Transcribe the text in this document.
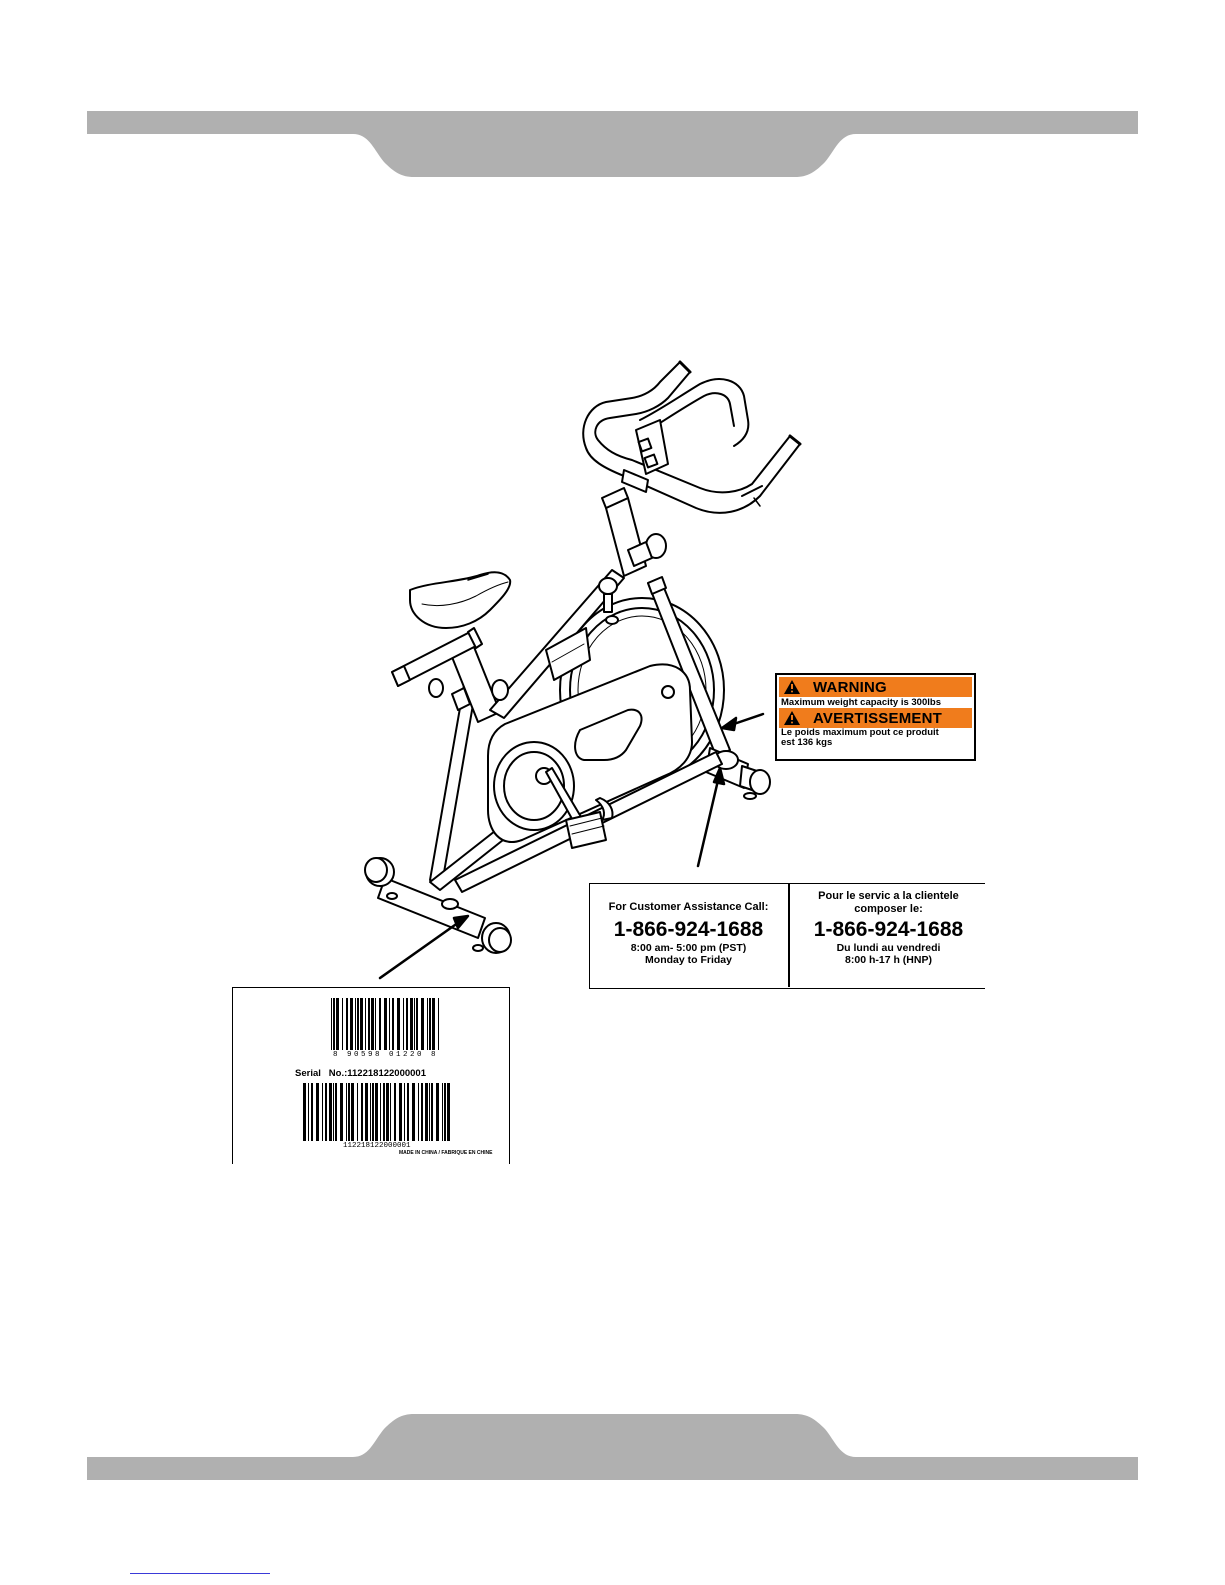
WARNING
Maximum weight capacity is 300lbs
AVERTISSEMENT
Le poids maximum pout ce produit
est 136 kgs
For Customer Assistance Call:
1-866-924-1688
8:00 am- 5:00 pm (PST)
Monday to Friday
Pour le servic a la clientele
composer le:
1-866-924-1688
Du lundi au vendredi
8:00 h-17 h (HNP)
8 90598 01220 8
Serial   No.:112218122000001
112218122000001
MADE IN CHINA / FABRIQUE EN CHINE
